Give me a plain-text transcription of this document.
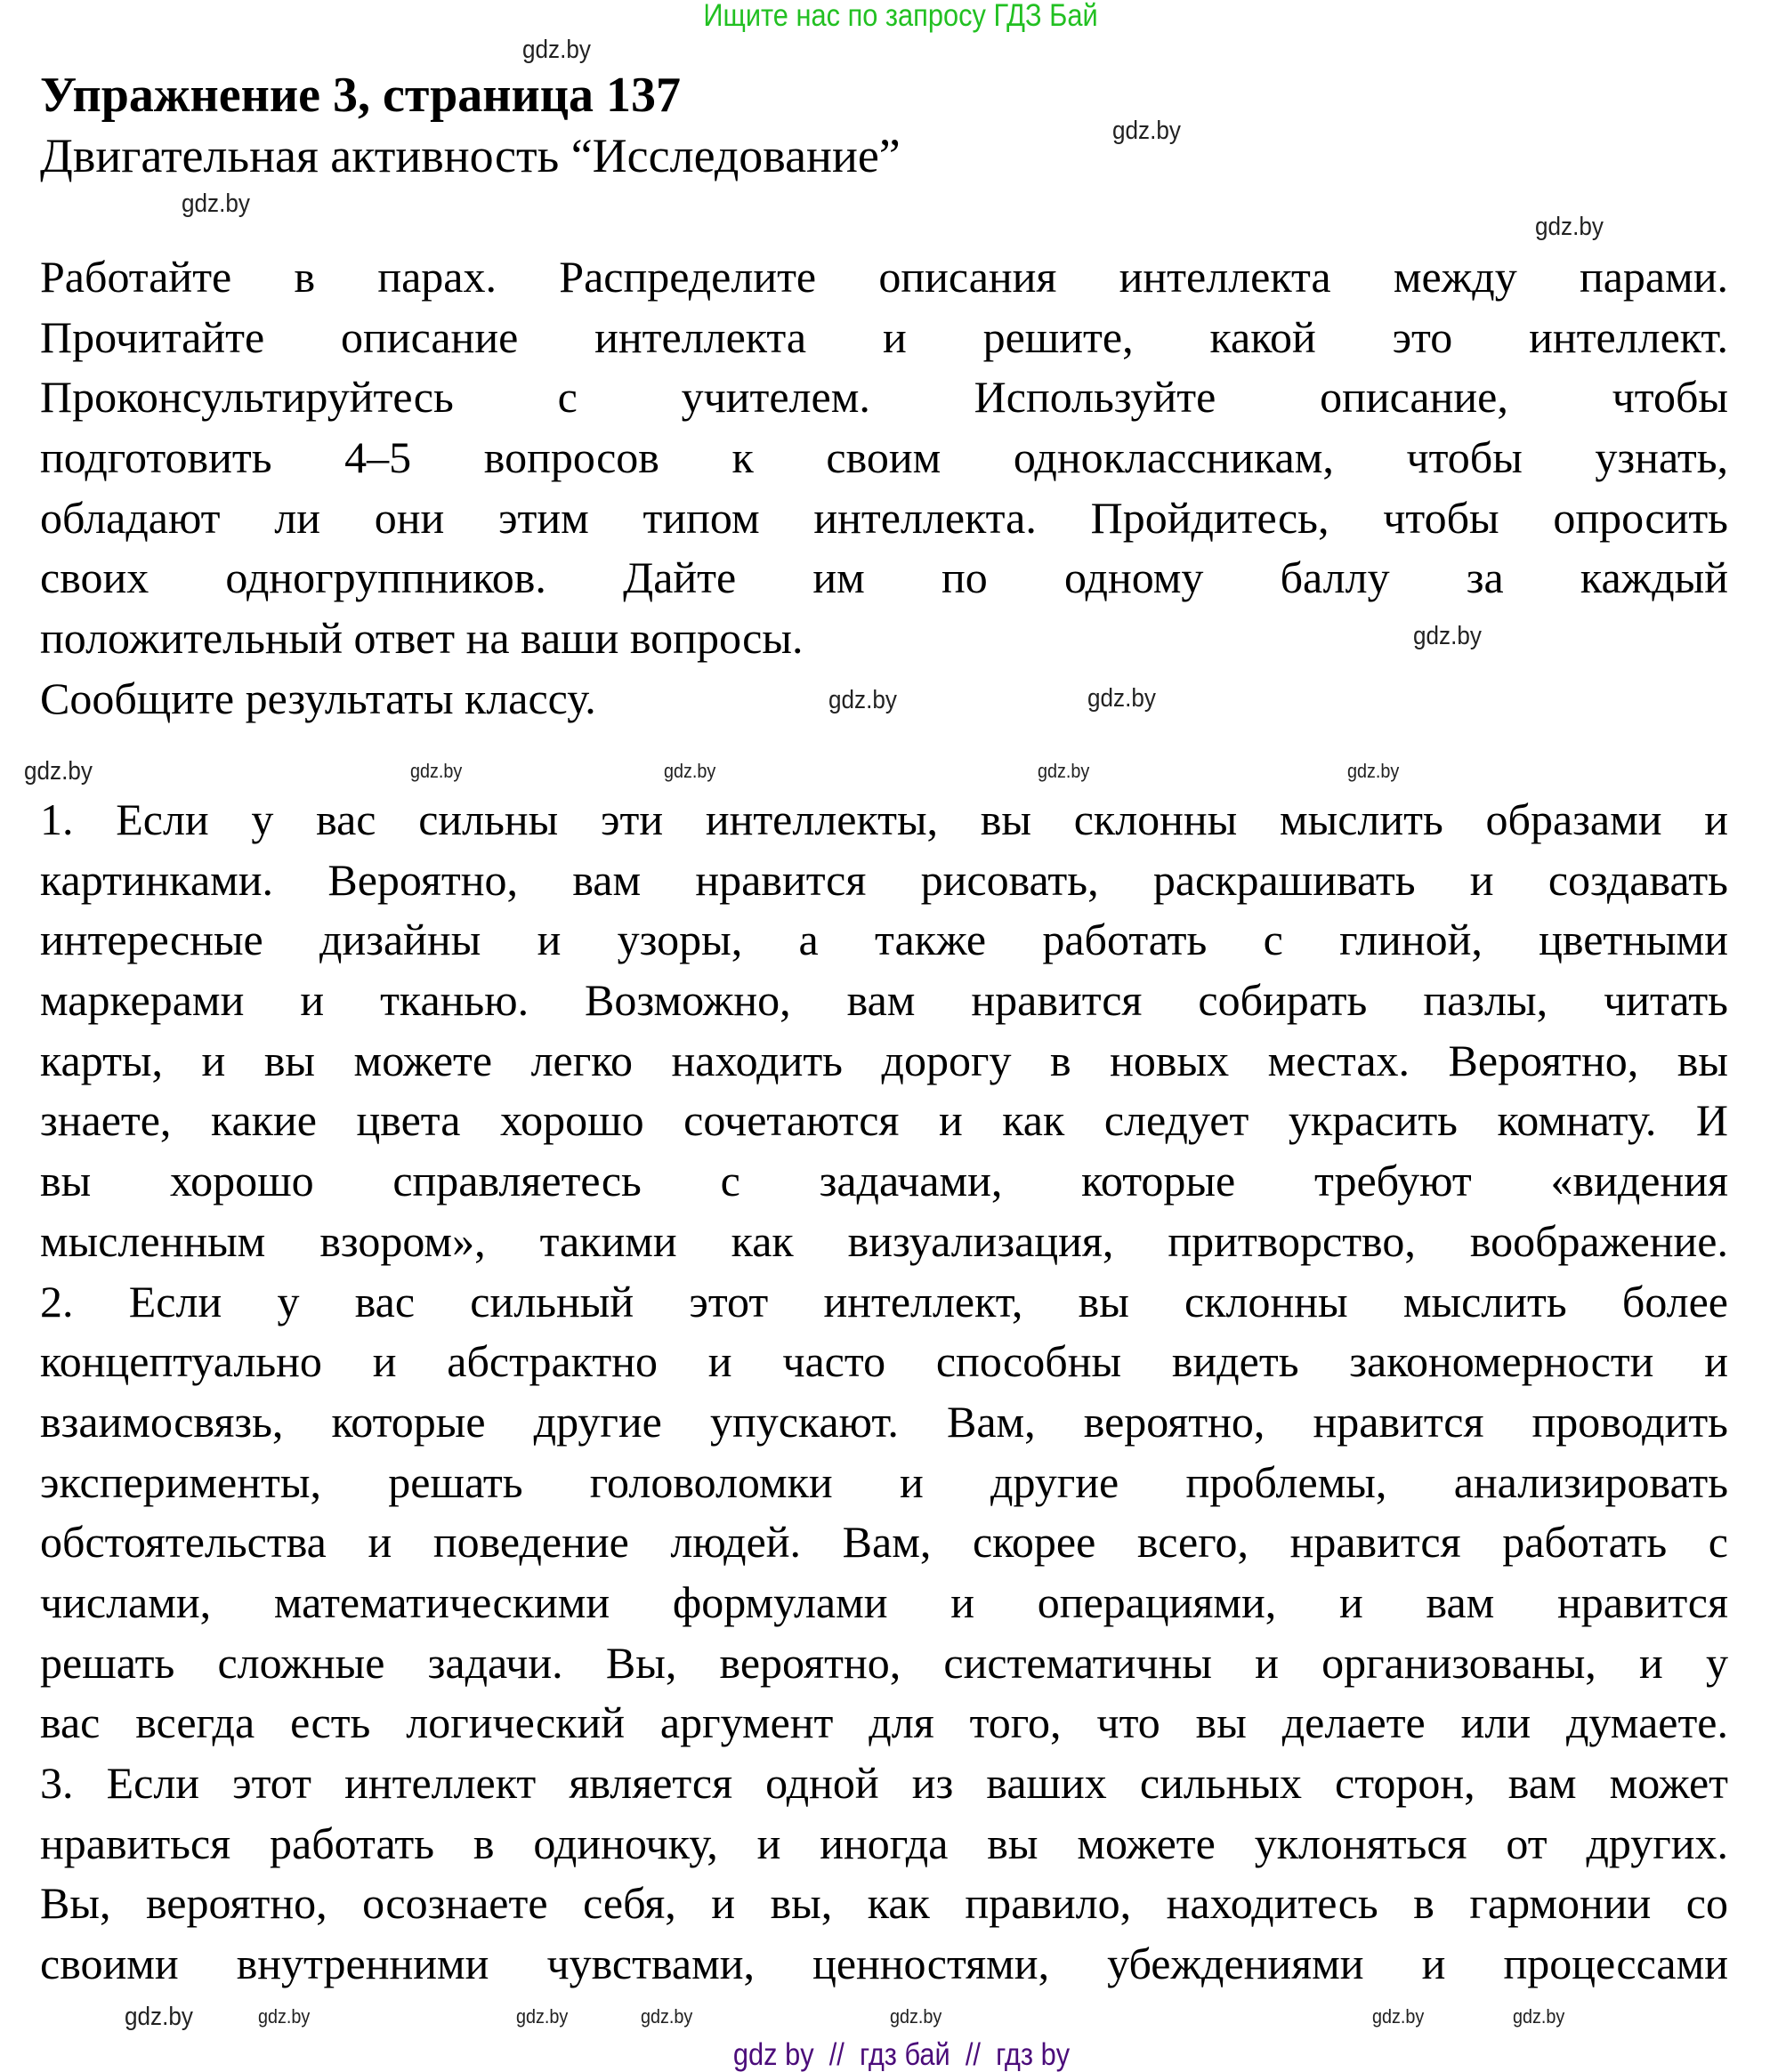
Ищите нас по запросу ГДЗ Бай
Упражнение 3, страница 137
Двигательная активность “Исследование”
Работайте в парах. Распределите описания интеллекта между парами.
Прочитайте описание интеллекта и решите, какой это интеллект.
Проконсультируйтесь с учителем. Используйте описание, чтобы
подготовить 4–5 вопросов к своим одноклассникам, чтобы узнать,
обладают ли они этим типом интеллекта. Пройдитесь, чтобы опросить
своих одногруппников. Дайте им по одному баллу за каждый
положительный ответ на ваши вопросы.
Сообщите результаты классу.
1. Если у вас сильны эти интеллекты, вы склонны мыслить образами и
картинками. Вероятно, вам нравится рисовать, раскрашивать и создавать
интересные дизайны и узоры, а также работать с глиной, цветными
маркерами и тканью. Возможно, вам нравится собирать пазлы, читать
карты, и вы можете легко находить дорогу в новых местах. Вероятно, вы
знаете, какие цвета хорошо сочетаются и как следует украсить комнату. И
вы хорошо справляетесь с задачами, которые требуют «видения
мысленным взором», такими как визуализация, притворство, воображение.
2. Если у вас сильный этот интеллект, вы склонны мыслить более
концептуально и абстрактно и часто способны видеть закономерности и
взаимосвязь, которые другие упускают. Вам, вероятно, нравится проводить
эксперименты, решать головоломки и другие проблемы, анализировать
обстоятельства и поведение людей. Вам, скорее всего, нравится работать с
числами, математическими формулами и операциями, и вам нравится
решать сложные задачи. Вы, вероятно, систематичны и организованы, и у
вас всегда есть логический аргумент для того, что вы делаете или думаете.
3. Если этот интеллект является одной из ваших сильных сторон, вам может
нравиться работать в одиночку, и иногда вы можете уклоняться от других.
Вы, вероятно, осознаете себя, и вы, как правило, находитесь в гармонии со
своими внутренними чувствами, ценностями, убеждениями и процессами
gdz.by
gdz.by
gdz.by
gdz.by
gdz.by
gdz.by
gdz.by
gdz.by	gdz.by	gdz.by	gdz.by
gdz.by
gdz.by	gdz.by
gdz.by	gdz.by
gdz.by
gdz.by
gdz.by
gdz by  //  гдз бай  //  гдз by
